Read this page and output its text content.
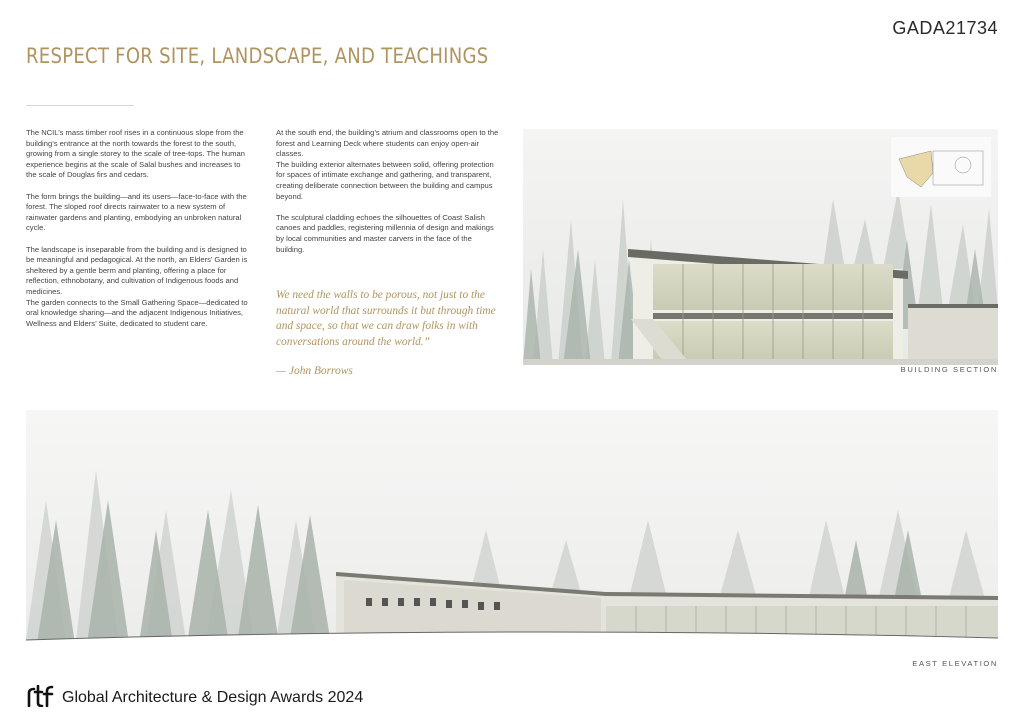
GADA21734
RESPECT FOR SITE, LANDSCAPE, AND TEACHINGS

The NCIL’s mass timber roof rises in a continuous slope from the building’s entrance at the north towards the forest to the south, growing from a single storey to the scale of tree-tops. The human experience begins at the scale of Salal bushes and increases to the scale of Douglas firs and cedars.

The form brings the building—and its users—face-to-face with the forest. The sloped roof directs rainwater to a new system of rainwater gardens and planting, embodying an unbroken natural cycle.

The landscape is inseparable from the building and is designed to be meaningful and pedagogical. At the north, an Elders’ Garden is sheltered by a gentle berm and planting, offering a place for reflection, ethnobotany, and cultivation of Indigenous foods and medicines.

The garden connects to the Small Gathering Space—dedicated to oral knowledge sharing—and the adjacent Indigenous Initiatives, Wellness and Elders’ Suite, dedicated to student care.

At the south end, the building’s atrium and classrooms open to the forest and Learning Deck where students can enjoy open-air classes.

The building exterior alternates between solid, offering protection for spaces of intimate exchange and gathering, and transparent, creating deliberate connection between the building and campus beyond.

The sculptural cladding echoes the silhouettes of Coast Salish canoes and paddles, registering millennia of design and makings by local communities and master carvers in the face of the building.

We need the walls to be porous, not just to the natural world that surrounds it but through time and space, so that we can draw folks in with conversations around the world.”
— John Borrows	BUILDING SECTION
EAST ELEVATION
Global Architecture & Design Awards 2024
